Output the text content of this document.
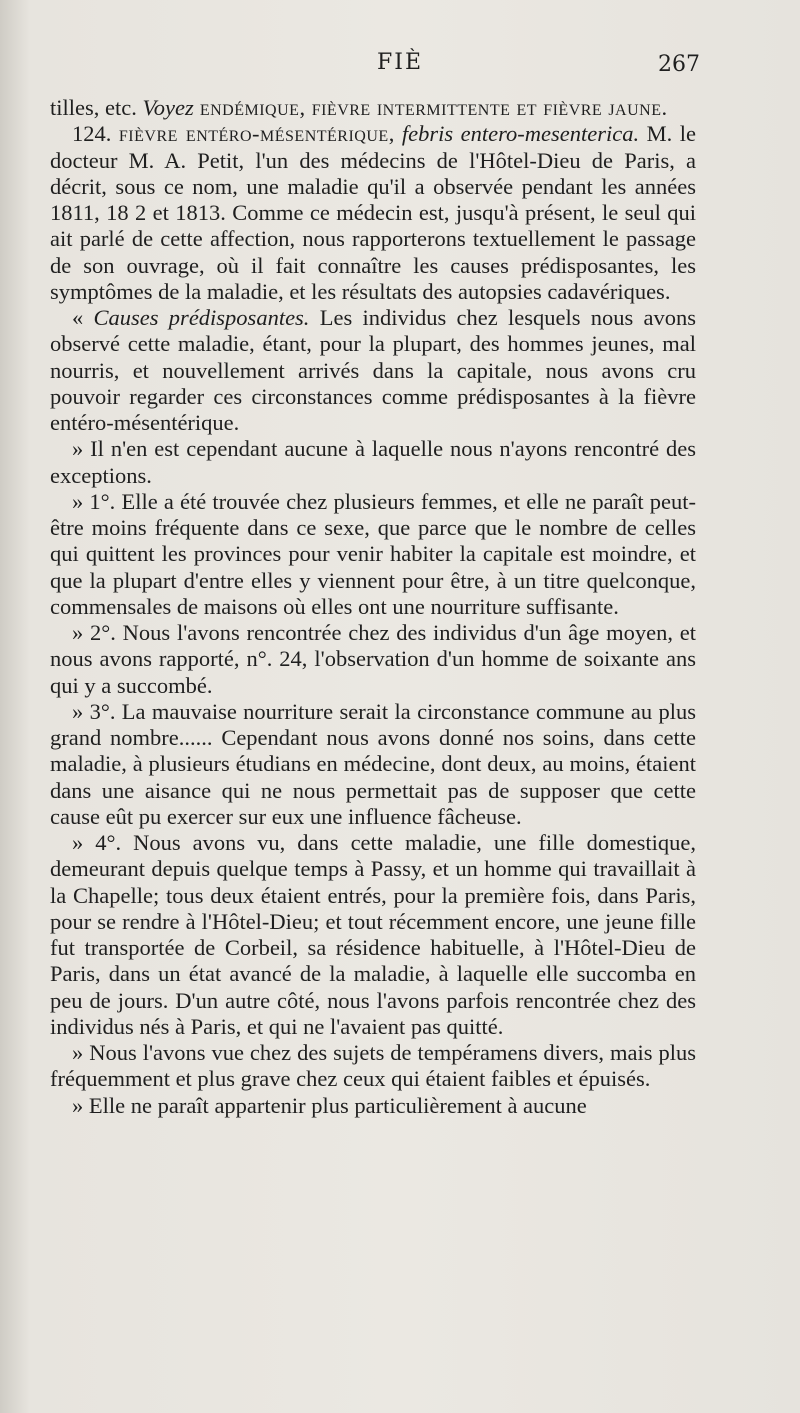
FIÈ	267

tilles, etc. Voyez endémique, fièvre intermittente et fièvre jaune.

124. fièvre entéro-mésentérique, febris entero-mesenterica. M. le docteur M. A. Petit, l'un des médecins de l'Hôtel-Dieu de Paris, a décrit, sous ce nom, une maladie qu'il a observée pendant les années 1811, 18 2 et 1813. Comme ce médecin est, jusqu'à présent, le seul qui ait parlé de cette affection, nous rapporterons textuellement le passage de son ouvrage, où il fait connaître les causes prédisposantes, les symptômes de la maladie, et les résultats des autopsies cadavériques.

« Causes prédisposantes. Les individus chez lesquels nous avons observé cette maladie, étant, pour la plupart, des hommes jeunes, mal nourris, et nouvellement arrivés dans la capitale, nous avons cru pouvoir regarder ces circonstances comme prédisposantes à la fièvre entéro-mésentérique.

» Il n'en est cependant aucune à laquelle nous n'ayons rencontré des exceptions.

» 1°. Elle a été trouvée chez plusieurs femmes, et elle ne paraît peut-être moins fréquente dans ce sexe, que parce que le nombre de celles qui quittent les provinces pour venir habiter la capitale est moindre, et que la plupart d'entre elles y viennent pour être, à un titre quelconque, commensales de maisons où elles ont une nourriture suffisante.

» 2°. Nous l'avons rencontrée chez des individus d'un âge moyen, et nous avons rapporté, n°. 24, l'observation d'un homme de soixante ans qui y a succombé.

» 3°. La mauvaise nourriture serait la circonstance commune au plus grand nombre...... Cependant nous avons donné nos soins, dans cette maladie, à plusieurs étudians en médecine, dont deux, au moins, étaient dans une aisance qui ne nous permettait pas de supposer que cette cause eût pu exercer sur eux une influence fâcheuse.

» 4°. Nous avons vu, dans cette maladie, une fille domestique, demeurant depuis quelque temps à Passy, et un homme qui travaillait à la Chapelle; tous deux étaient entrés, pour la première fois, dans Paris, pour se rendre à l'Hôtel-Dieu; et tout récemment encore, une jeune fille fut transportée de Corbeil, sa résidence habituelle, à l'Hôtel-Dieu de Paris, dans un état avancé de la maladie, à laquelle elle succomba en peu de jours. D'un autre côté, nous l'avons parfois rencontrée chez des individus nés à Paris, et qui ne l'avaient pas quitté.

» Nous l'avons vue chez des sujets de tempéramens divers, mais plus fréquemment et plus grave chez ceux qui étaient faibles et épuisés.

» Elle ne paraît appartenir plus particulièrement à aucune
